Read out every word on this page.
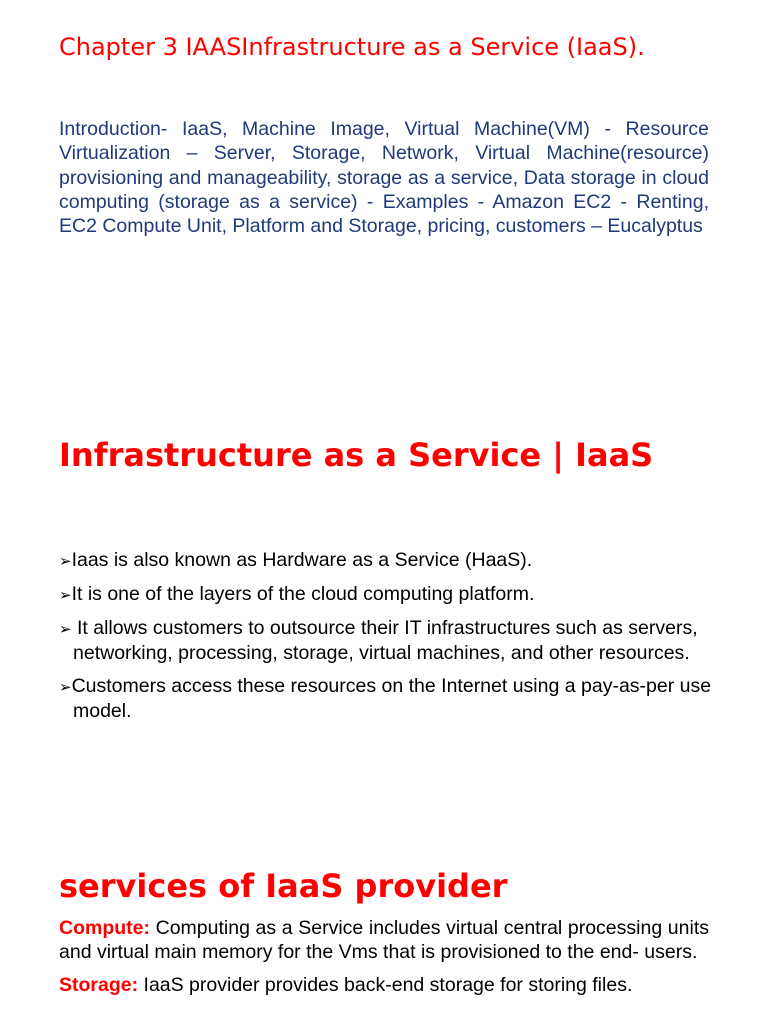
Chapter 3 IAASInfrastructure as a Service (IaaS).

Introduction- IaaS, Machine Image, Virtual Machine(VM) - Resource Virtualization – Server, Storage, Network, Virtual Machine(resource) provisioning and manageability, storage as a service, Data storage in cloud computing (storage as a service) - Examples - Amazon EC2 - Renting, EC2 Compute Unit, Platform and Storage, pricing, customers – Eucalyptus

Infrastructure as a Service | IaaS
➢Iaas is also known as Hardware as a Service (HaaS).
➢It is one of the layers of the cloud computing platform.
➢ It allows customers to outsource their IT infrastructures such as servers, networking, processing, storage, virtual machines, and other resources.
➢Customers access these resources on the Internet using a pay-as-per use model.
services of IaaS provider

Compute: Computing as a Service includes virtual central processing units and virtual main memory for the Vms that is provisioned to the end- users.

Storage: IaaS provider provides back-end storage for storing files.
